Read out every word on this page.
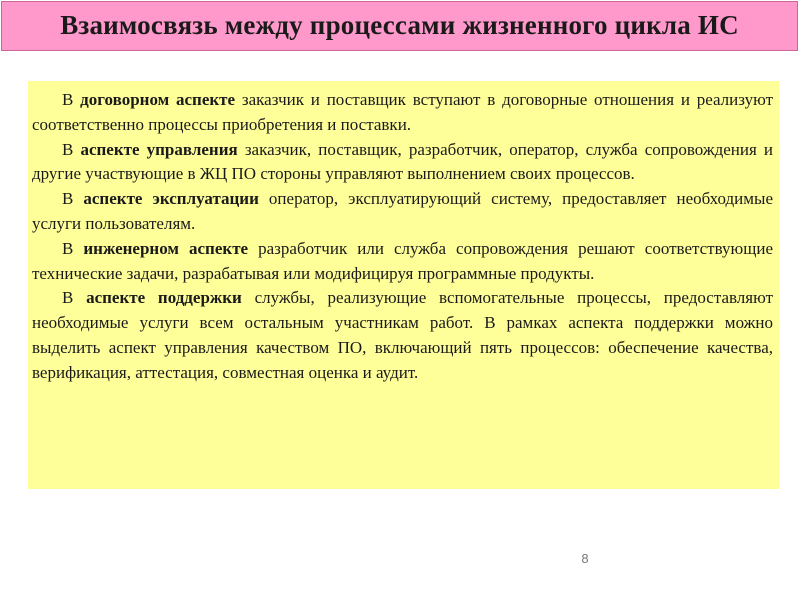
Взаимосвязь между процессами жизненного цикла ИС

В договорном аспекте заказчик и поставщик вступают в договорные отношения и реализуют соответственно процессы приобретения и поставки.

В аспекте управления заказчик, поставщик, разработчик, оператор, служба сопровождения и другие участвующие в ЖЦ ПО стороны управляют выполнением своих процессов.

В аспекте эксплуатации оператор, эксплуатирующий систему, предоставляет необходимые услуги пользователям.

В инженерном аспекте разработчик или служба сопровождения решают соответствующие технические задачи, разрабатывая или модифицируя программные продукты.

В аспекте поддержки службы, реализующие вспомогательные процессы, предоставляют необходимые услуги всем остальным участникам работ. В рамках аспекта поддержки можно выделить аспект управления качеством ПО, включающий пять процессов: обеспечение качества, верификация, аттестация, совместная оценка и аудит.

8
